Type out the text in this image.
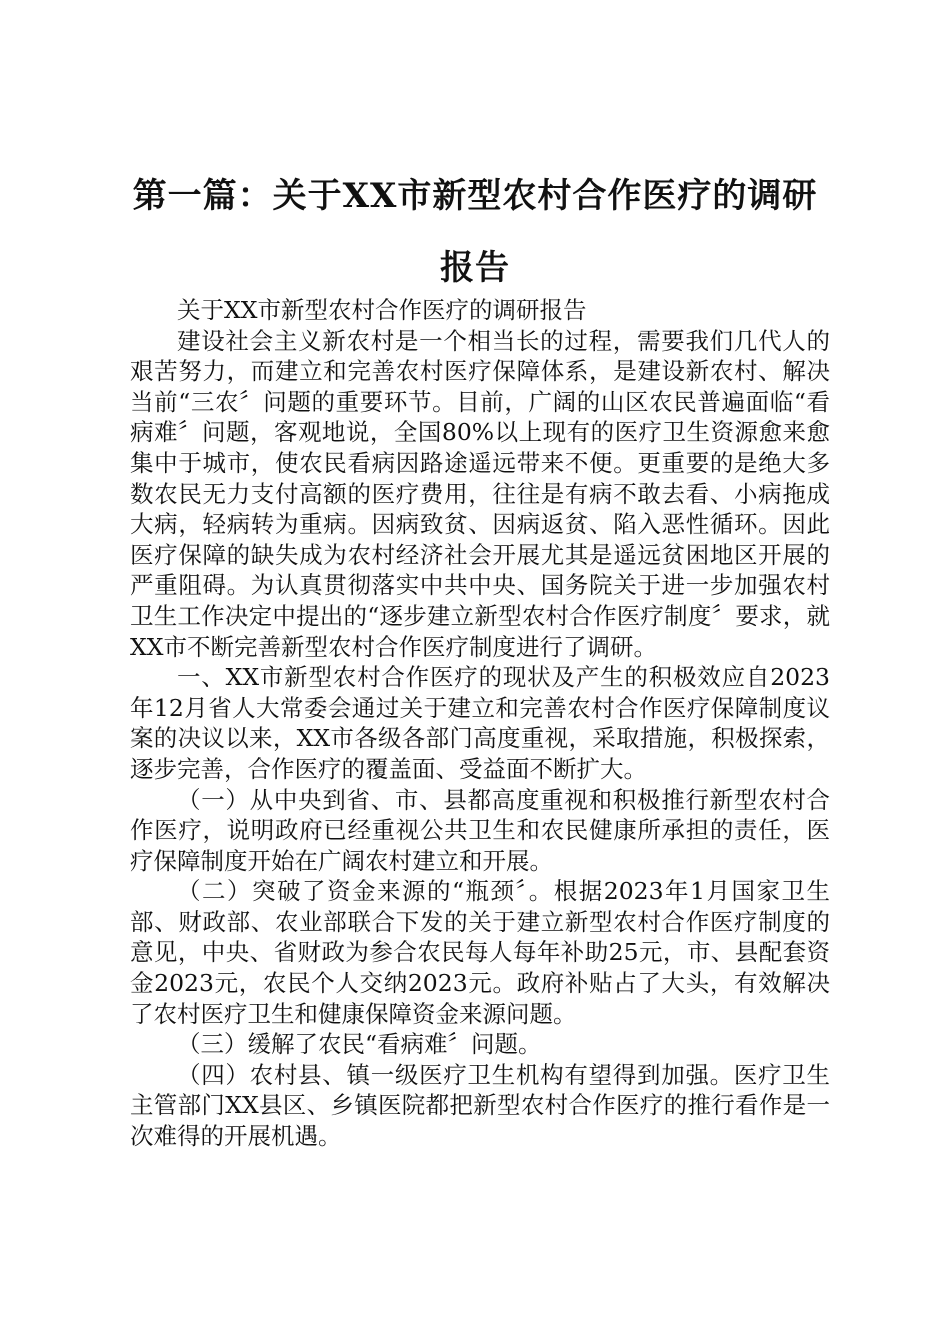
第一篇：关于XX市新型农村合作医疗的调研报告

关于XX市新型农村合作医疗的调研报告

建设社会主义新农村是一个相当长的过程，需要我们几代人的艰苦努力，而建立和完善农村医疗保障体系，是建设新农村、解决当前“三农〞问题的重要环节。目前，广阔的山区农民普遍面临“看病难〞问题，客观地说，全国80%以上现有的医疗卫生资源愈来愈集中于城市，使农民看病因路途遥远带来不便。更重要的是绝大多数农民无力支付高额的医疗费用，往往是有病不敢去看、小病拖成大病，轻病转为重病。因病致贫、因病返贫、陷入恶性循环。因此医疗保障的缺失成为农村经济社会开展尤其是遥远贫困地区开展的严重阻碍。为认真贯彻落实中共中央、国务院关于进一步加强农村卫生工作决定中提出的“逐步建立新型农村合作医疗制度〞要求，就XX市不断完善新型农村合作医疗制度进行了调研。

一、XX市新型农村合作医疗的现状及产生的积极效应自2023年12月省人大常委会通过关于建立和完善农村合作医疗保障制度议案的决议以来，XX市各级各部门高度重视，采取措施，积极探索，逐步完善，合作医疗的覆盖面、受益面不断扩大。

（一）从中央到省、市、县都高度重视和积极推行新型农村合作医疗，说明政府已经重视公共卫生和农民健康所承担的责任，医疗保障制度开始在广阔农村建立和开展。

（二）突破了资金来源的“瓶颈〞。根据2023年1月国家卫生部、财政部、农业部联合下发的关于建立新型农村合作医疗制度的意见，中央、省财政为参合农民每人每年补助25元，市、县配套资金2023元，农民个人交纳2023元。政府补贴占了大头，有效解决了农村医疗卫生和健康保障资金来源问题。

（三）缓解了农民“看病难〞问题。

（四）农村县、镇一级医疗卫生机构有望得到加强。医疗卫生主管部门XX县区、乡镇医院都把新型农村合作医疗的推行看作是一次难得的开展机遇。
